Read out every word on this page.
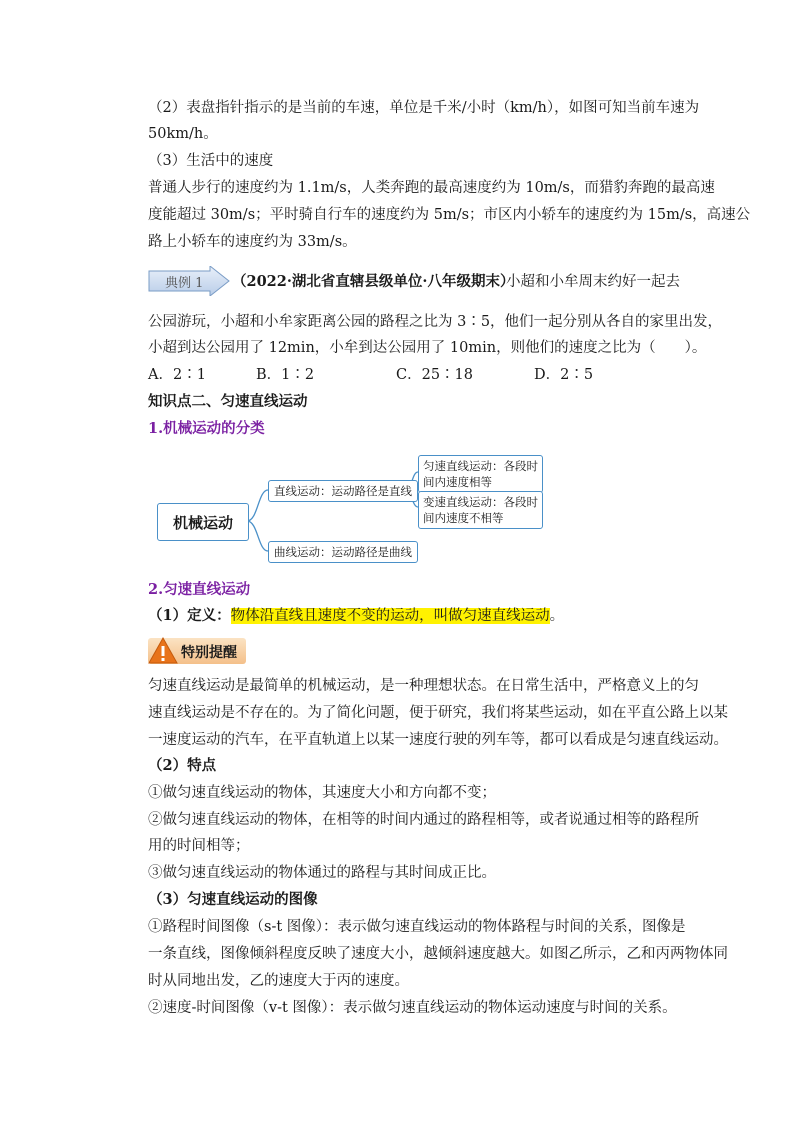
（2）表盘指针指示的是当前的车速，单位是千米/小时（km/h），如图可知当前车速为
50km/h。
（3）生活中的速度
普通人步行的速度约为 1.1m/s，人类奔跑的最高速度约为 10m/s，而猎豹奔跑的最高速
度能超过 30m/s；平时骑自行车的速度约为 5m/s；市区内小轿车的速度约为 15m/s，高速公
路上小轿车的速度约为 33m/s。
典例 1 （2022·湖北省直辖县级单位·八年级期末）
小超和小牟周末约好一起去
公园游玩，小超和小牟家距离公园的路程之比为 3∶5，他们一起分别从各自的家里出发，
小超到达公园用了 12min，小牟到达公园用了 10min，则他们的速度之比为（　　）。
A．2∶1	B．1∶2	C．25∶18	D．2∶5
知识点二、匀速直线运动
1.机械运动的分类
机械运动
直线运动：运动路径是直线
曲线运动：运动路径是曲线
匀速直线运动：各段时
间内速度相等
变速直线运动：各段时
间内速度不相等
2.匀速直线运动
（1）定义：物体沿直线且速度不变的运动，叫做匀速直线运动。
特别提醒
匀速直线运动是最简单的机械运动，是一种理想状态。在日常生活中，严格意义上的匀
速直线运动是不存在的。为了简化问题，便于研究，我们将某些运动，如在平直公路上以某
一速度运动的汽车，在平直轨道上以某一速度行驶的列车等，都可以看成是匀速直线运动。
（2）特点
①做匀速直线运动的物体，其速度大小和方向都不变；
②做匀速直线运动的物体，在相等的时间内通过的路程相等，或者说通过相等的路程所
用的时间相等；
③做匀速直线运动的物体通过的路程与其时间成正比。
（3）匀速直线运动的图像
①路程时间图像（s-t 图像）：表示做匀速直线运动的物体路程与时间的关系，图像是
一条直线，图像倾斜程度反映了速度大小，越倾斜速度越大。如图乙所示，乙和丙两物体同
时从同地出发，乙的速度大于丙的速度。
②速度-时间图像（v-t 图像）：表示做匀速直线运动的物体运动速度与时间的关系。
